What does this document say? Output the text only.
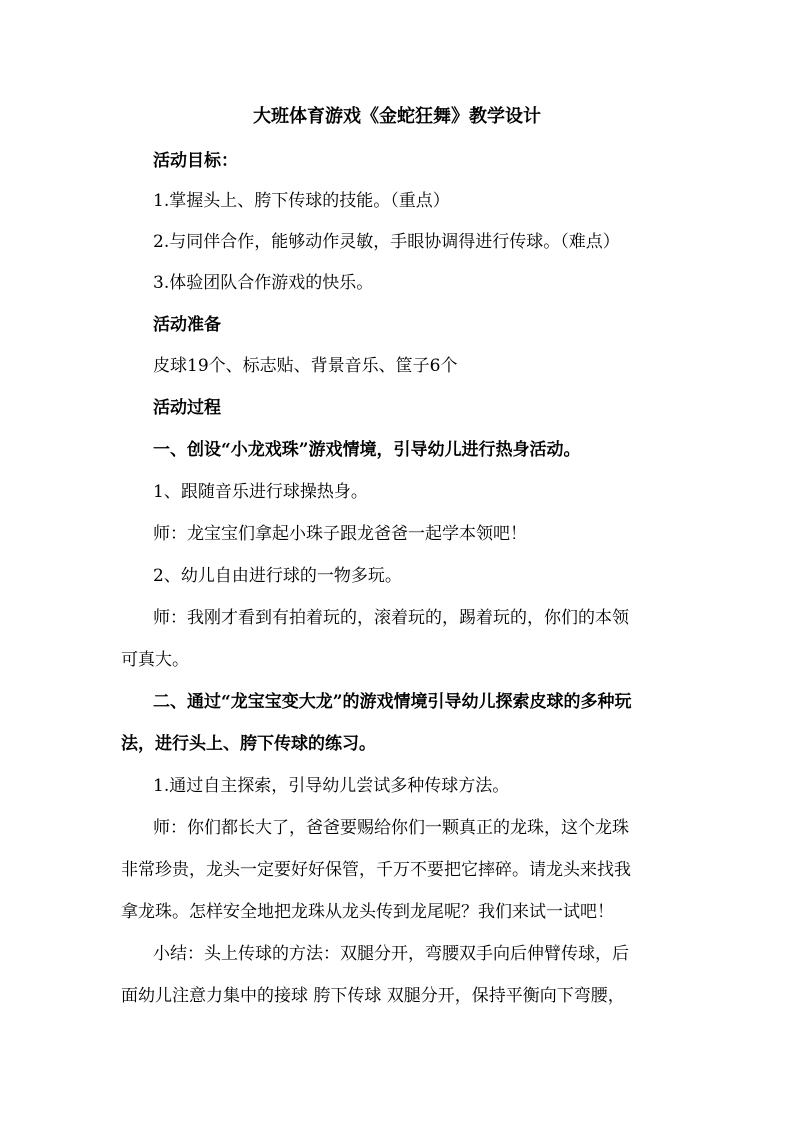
大班体育游戏《金蛇狂舞》教学设计
活动目标：
1.掌握头上、胯下传球的技能。（重点）
2.与同伴合作，能够动作灵敏，手眼协调得进行传球。（难点）
3.体验团队合作游戏的快乐。
活动准备
皮球19个、标志贴、背景音乐、筐子6个
活动过程
一、创设“小龙戏珠”游戏情境，引导幼儿进行热身活动。
1、跟随音乐进行球操热身。
师：龙宝宝们拿起小珠子跟龙爸爸一起学本领吧！
2、幼儿自由进行球的一物多玩。
师：我刚才看到有拍着玩的，滚着玩的，踢着玩的，你们的本领
可真大。
二、通过“龙宝宝变大龙”的游戏情境引导幼儿探索皮球的多种玩
法，进行头上、胯下传球的练习。
1.通过自主探索，引导幼儿尝试多种传球方法。
师：你们都长大了，爸爸要赐给你们一颗真正的龙珠，这个龙珠
非常珍贵，龙头一定要好好保管，千万不要把它摔碎。请龙头来找我
拿龙珠。怎样安全地把龙珠从龙头传到龙尾呢？我们来试一试吧！
小结：头上传球的方法：双腿分开，弯腰双手向后伸臂传球，后
面幼儿注意力集中的接球 胯下传球 双腿分开，保持平衡向下弯腰，
